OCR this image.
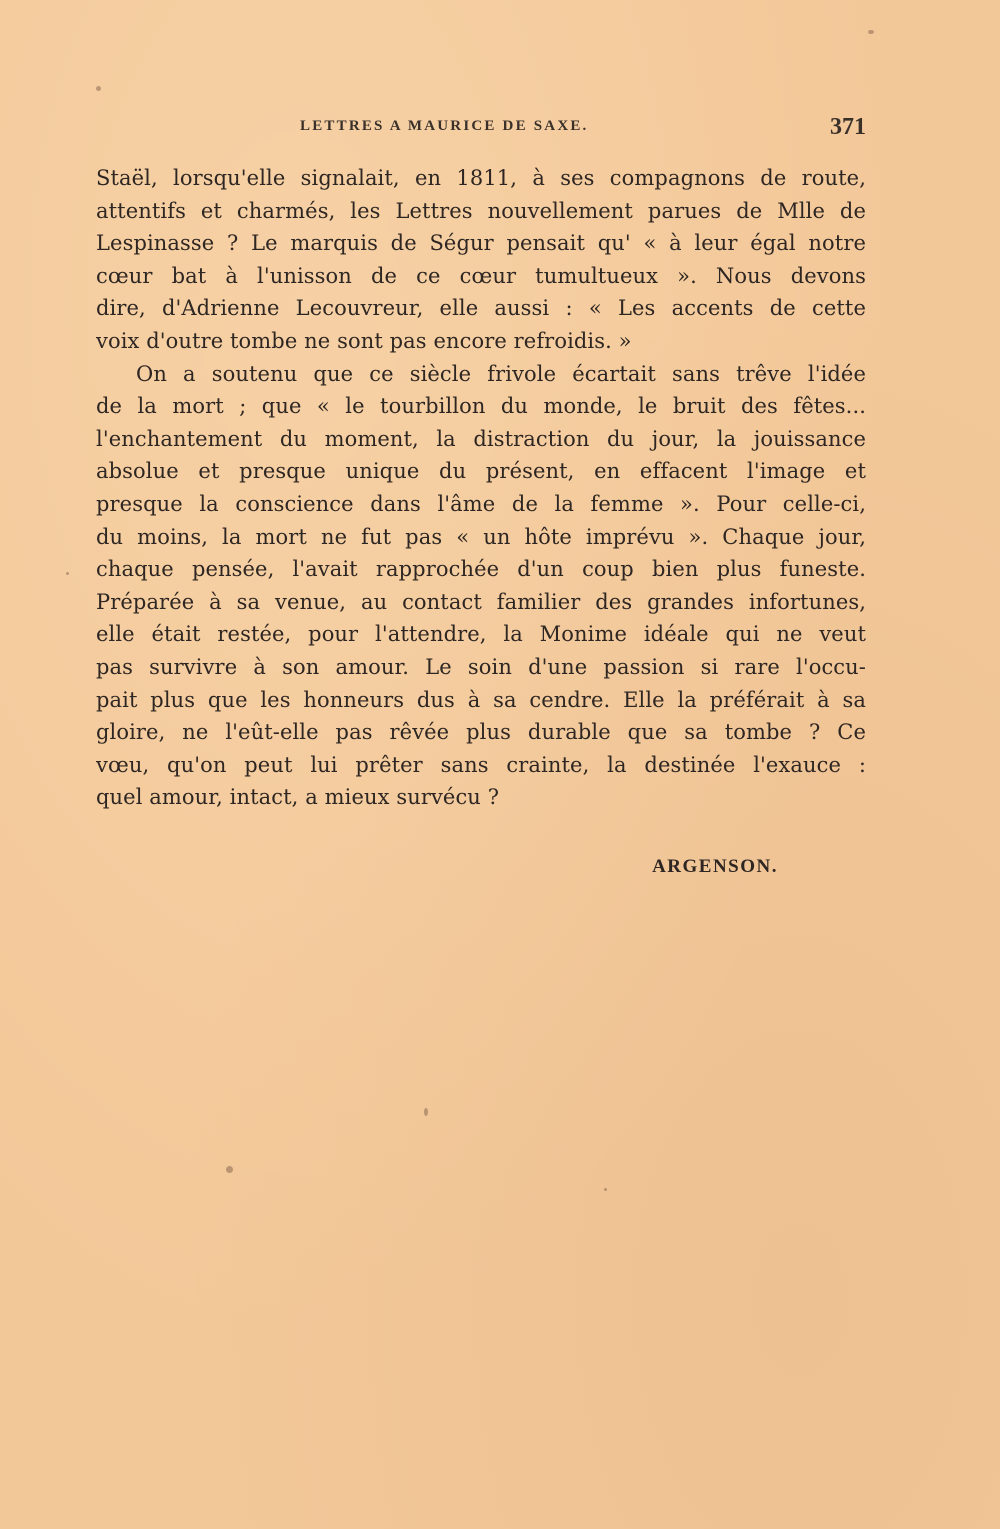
LETTRES A MAURICE DE SAXE.	371
Staël, lorsqu'elle signalait, en 1811, à ses compagnons de route,
attentifs et charmés, les Lettres nouvellement parues de Mlle de
Lespinasse ? Le marquis de Ségur pensait qu' « à leur égal notre
cœur bat à l'unisson de ce cœur tumultueux ». Nous devons
dire, d'Adrienne Lecouvreur, elle aussi : « Les accents de cette
voix d'outre tombe ne sont pas encore refroidis. »
On a soutenu que ce siècle frivole écartait sans trêve l'idée
de la mort ; que « le tourbillon du monde, le bruit des fêtes...
l'enchantement du moment, la distraction du jour, la jouissance
absolue et presque unique du présent, en effacent l'image et
presque la conscience dans l'âme de la femme ». Pour celle-ci,
du moins, la mort ne fut pas « un hôte imprévu ». Chaque jour,
chaque pensée, l'avait rapprochée d'un coup bien plus funeste.
Préparée à sa venue, au contact familier des grandes infortunes,
elle était restée, pour l'attendre, la Monime idéale qui ne veut
pas survivre à son amour. Le soin d'une passion si rare l'occu-
pait plus que les honneurs dus à sa cendre. Elle la préférait à sa
gloire, ne l'eût-elle pas rêvée plus durable que sa tombe ? Ce
vœu, qu'on peut lui prêter sans crainte, la destinée l'exauce :
quel amour, intact, a mieux survécu ?
ARGENSON.
